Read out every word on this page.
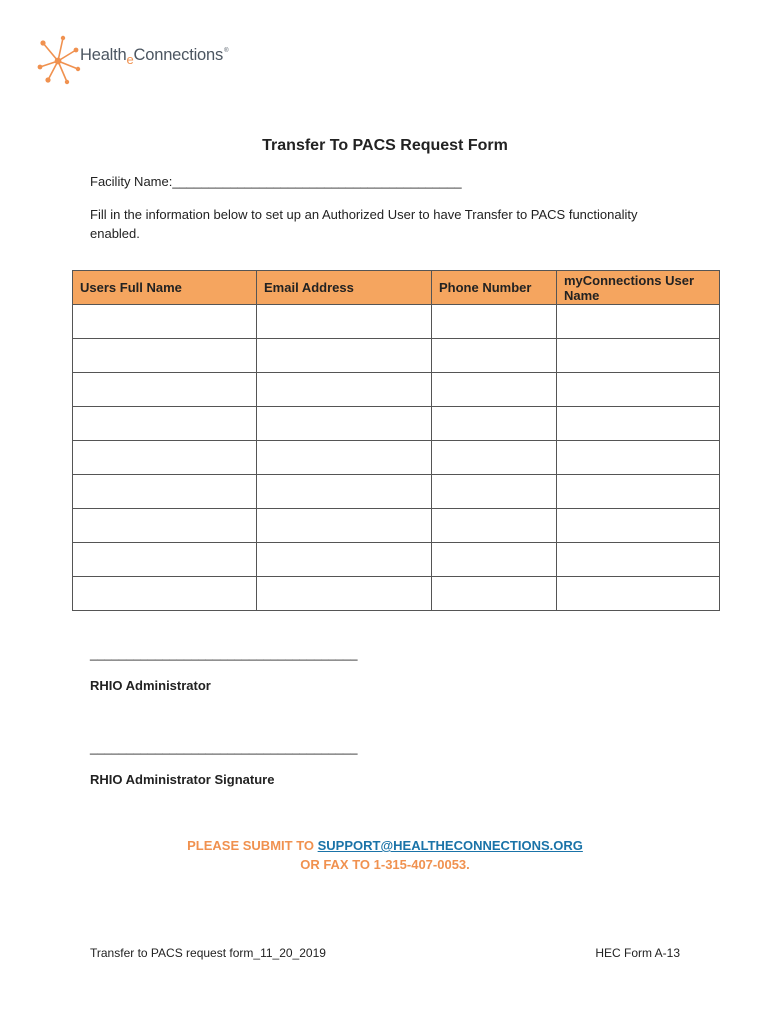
Health$_e$Connections®
Transfer To PACS Request Form
Facility Name:________________________________________
Fill in the information below to set up an Authorized User to have Transfer to PACS functionality enabled.
Users Full Name	Email Address	Phone Number	myConnections User Name

_____________________________________
RHIO Administrator
_____________________________________
RHIO Administrator Signature
PLEASE SUBMIT TO SUPPORT@HEALTHECONNECTIONS.ORG
OR FAX TO 1-315-407-0053.
Transfer to PACS request form_11_20_2019	HEC Form A-13
